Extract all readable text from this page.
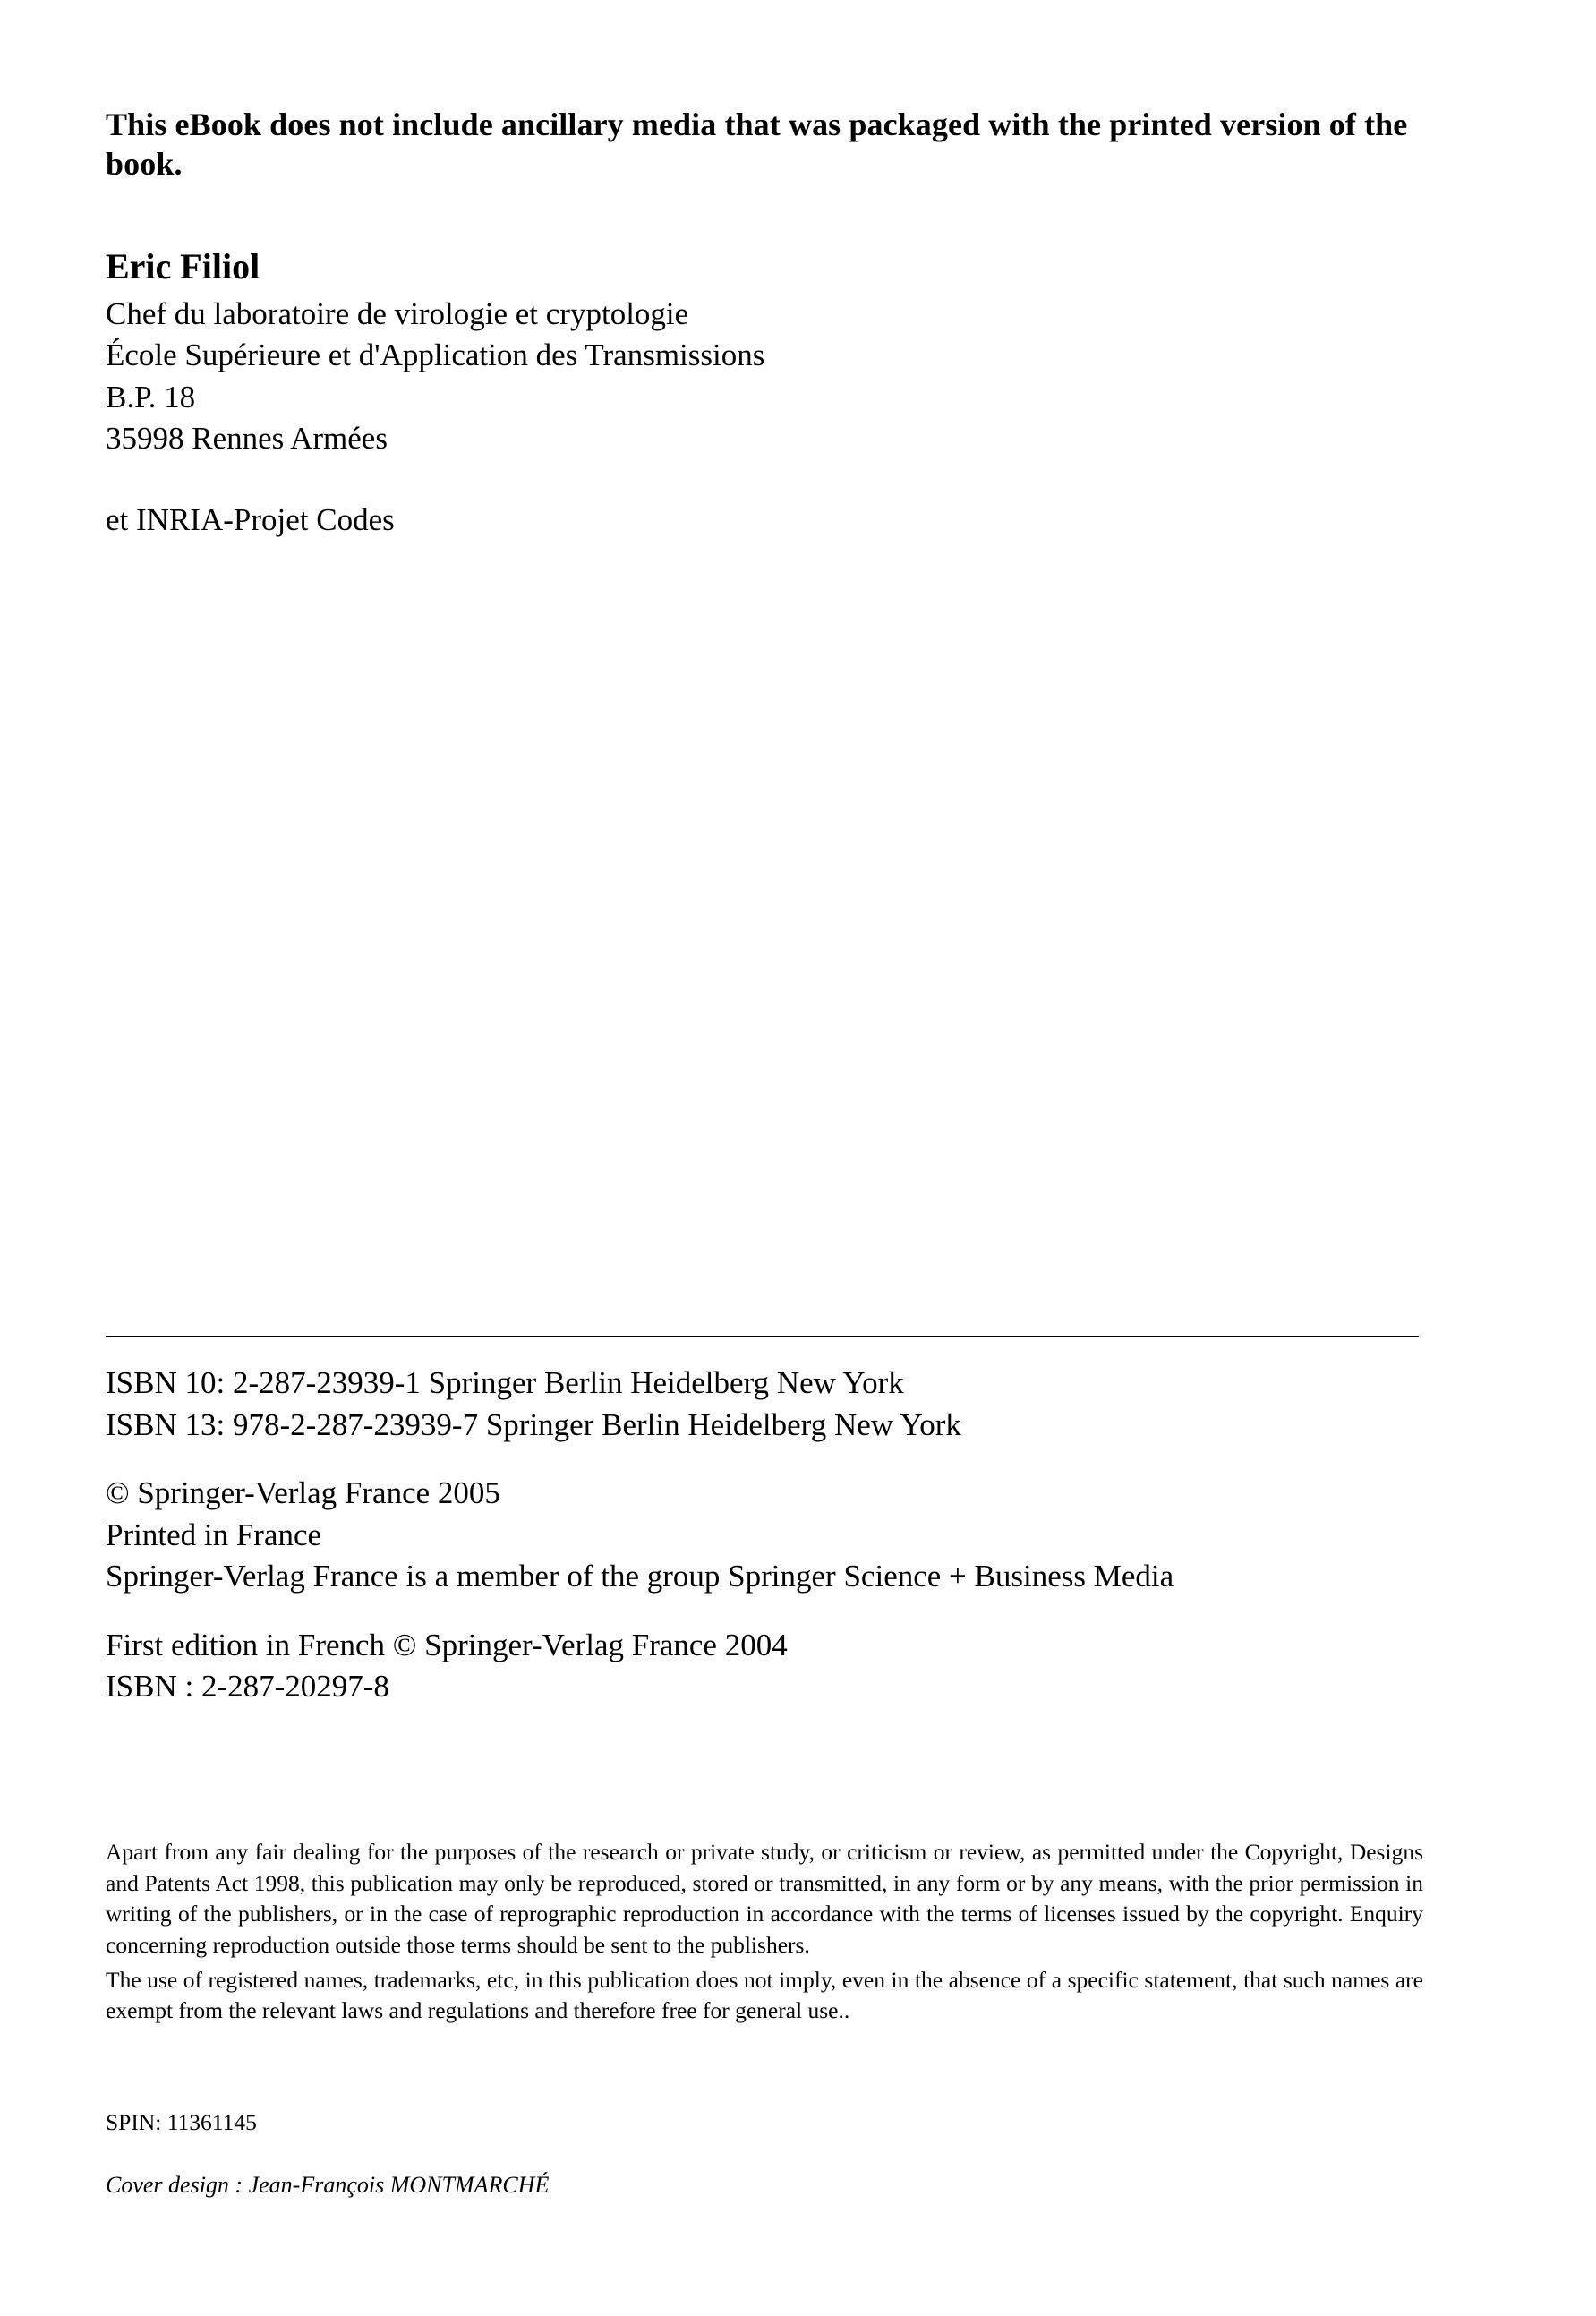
This eBook does not include ancillary media that was packaged with the printed version of the book.

Eric Filiol

Chef du laboratoire de virologie et cryptologie

École Supérieure et d'Application des Transmissions

B.P. 18

35998 Rennes Armées

et INRIA-Projet Codes

ISBN 10: 2-287-23939-1 Springer Berlin Heidelberg New York

ISBN 13: 978-2-287-23939-7 Springer Berlin Heidelberg New York

© Springer-Verlag France 2005

Printed in France

Springer-Verlag France is a member of the group Springer Science + Business Media

First edition in French © Springer-Verlag France 2004

ISBN : 2-287-20297-8

Apart from any fair dealing for the purposes of the research or private study, or criticism or review, as permitted under the Copyright, Designs and Patents Act 1998, this publication may only be reproduced, stored or transmitted, in any form or by any means, with the prior permission in writing of the publishers, or in the case of reprographic reproduction in accordance with the terms of licenses issued by the copyright. Enquiry concerning reproduction outside those terms should be sent to the publishers.

The use of registered names, trademarks, etc, in this publication does not imply, even in the absence of a specific statement, that such names are exempt from the relevant laws and regulations and therefore free for general use..

SPIN: 11361145

Cover design : Jean-François MONTMARCHÉ
